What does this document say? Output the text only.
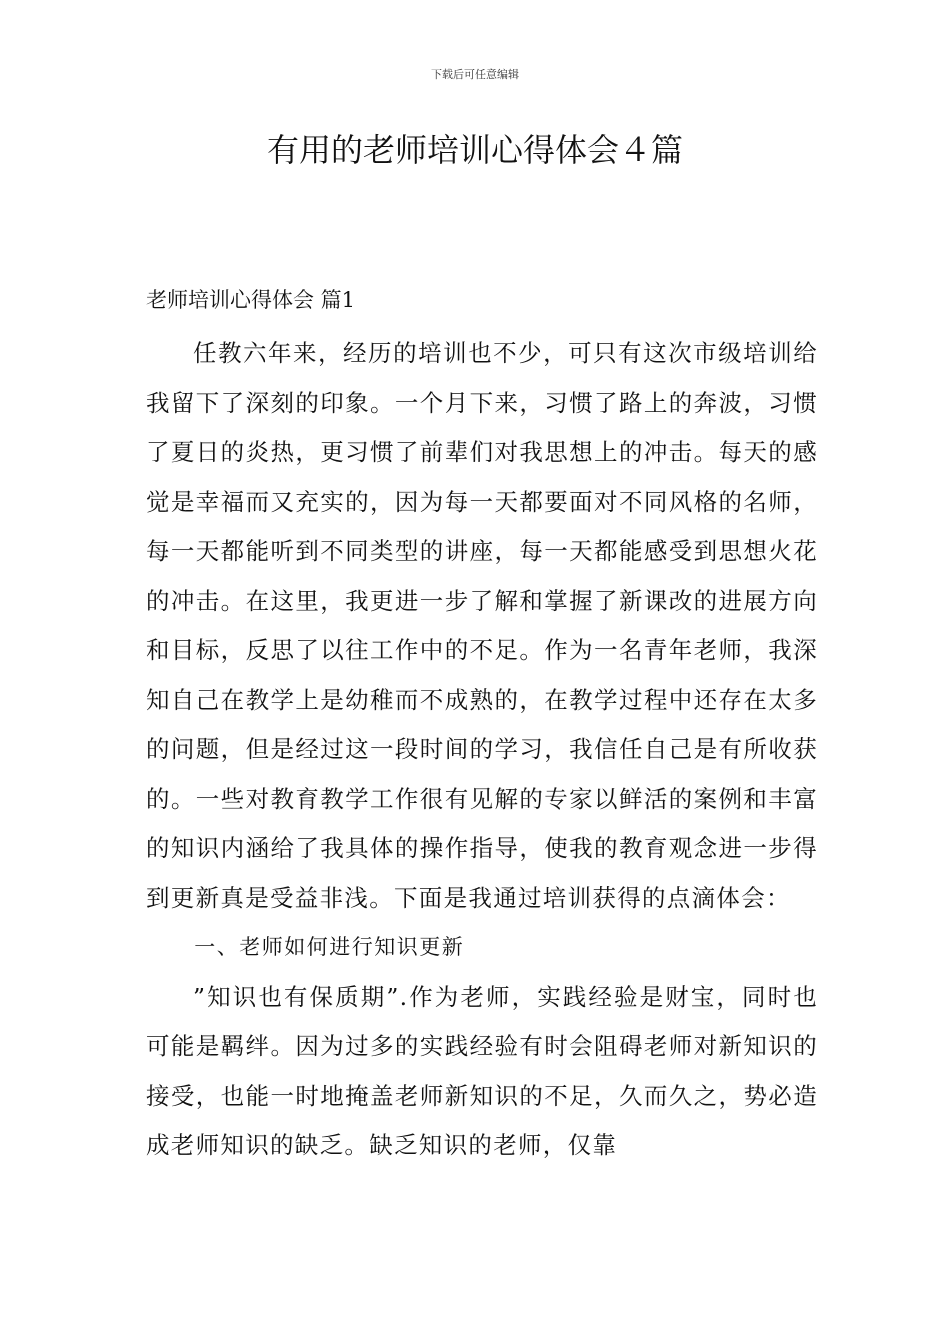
下载后可任意编辑
有用的老师培训心得体会４篇
老师培训心得体会 篇1

任教六年来，经历的培训也不少，可只有这次市级培训给我留下了深刻的印象。一个月下来，习惯了路上的奔波，习惯了夏日的炎热，更习惯了前辈们对我思想上的冲击。每天的感觉是幸福而又充实的，因为每一天都要面对不同风格的名师，每一天都能听到不同类型的讲座，每一天都能感受到思想火花的冲击。在这里，我更进一步了解和掌握了新课改的进展方向和目标，反思了以往工作中的不足。作为一名青年老师，我深知自己在教学上是幼稚而不成熟的，在教学过程中还存在太多的问题，但是经过这一段时间的学习，我信任自己是有所收获的。一些对教育教学工作很有见解的专家以鲜活的案例和丰富的知识内涵给了我具体的操作指导，使我的教育观念进一步得到更新真是受益非浅。下面是我通过培训获得的点滴体会：

一、老师如何进行知识更新

”知识也有保质期”.作为老师，实践经验是财宝，同时也可能是羁绊。因为过多的实践经验有时会阻碍老师对新知识的接受，也能一时地掩盖老师新知识的不足，久而久之，势必造成老师知识的缺乏。缺乏知识的老师，仅靠
